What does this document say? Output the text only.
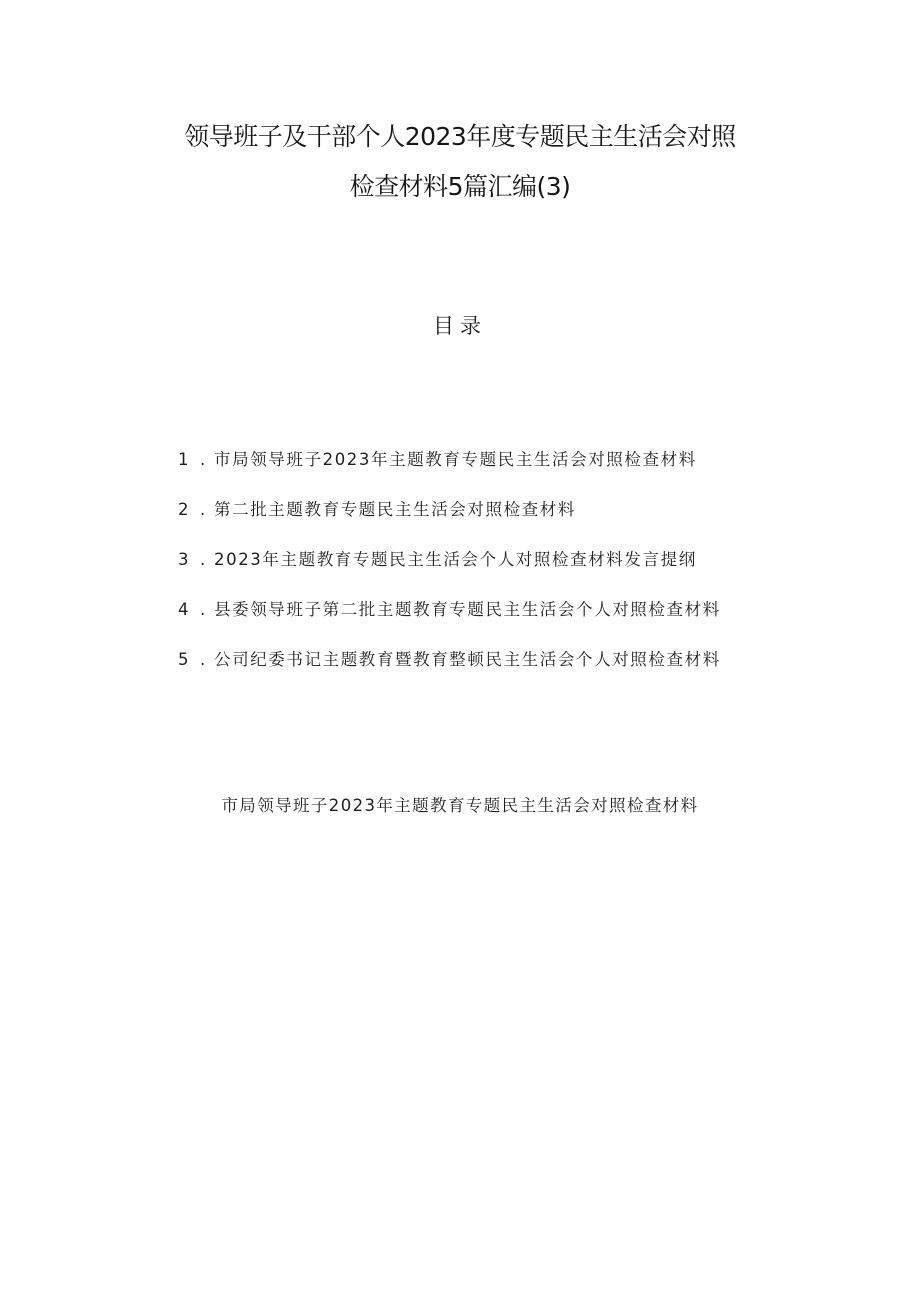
领导班子及干部个人2023年度专题民主生活会对照
检查材料5篇汇编(3)
目录
1 . 市局领导班子2023年主题教育专题民主生活会对照检查材料
2 . 第二批主题教育专题民主生活会对照检查材料
3 . 2023年主题教育专题民主生活会个人对照检查材料发言提纲
4 . 县委领导班子第二批主题教育专题民主生活会个人对照检查材料
5 . 公司纪委书记主题教育暨教育整顿民主生活会个人对照检查材料
市局领导班子2023年主题教育专题民主生活会对照检查材料
